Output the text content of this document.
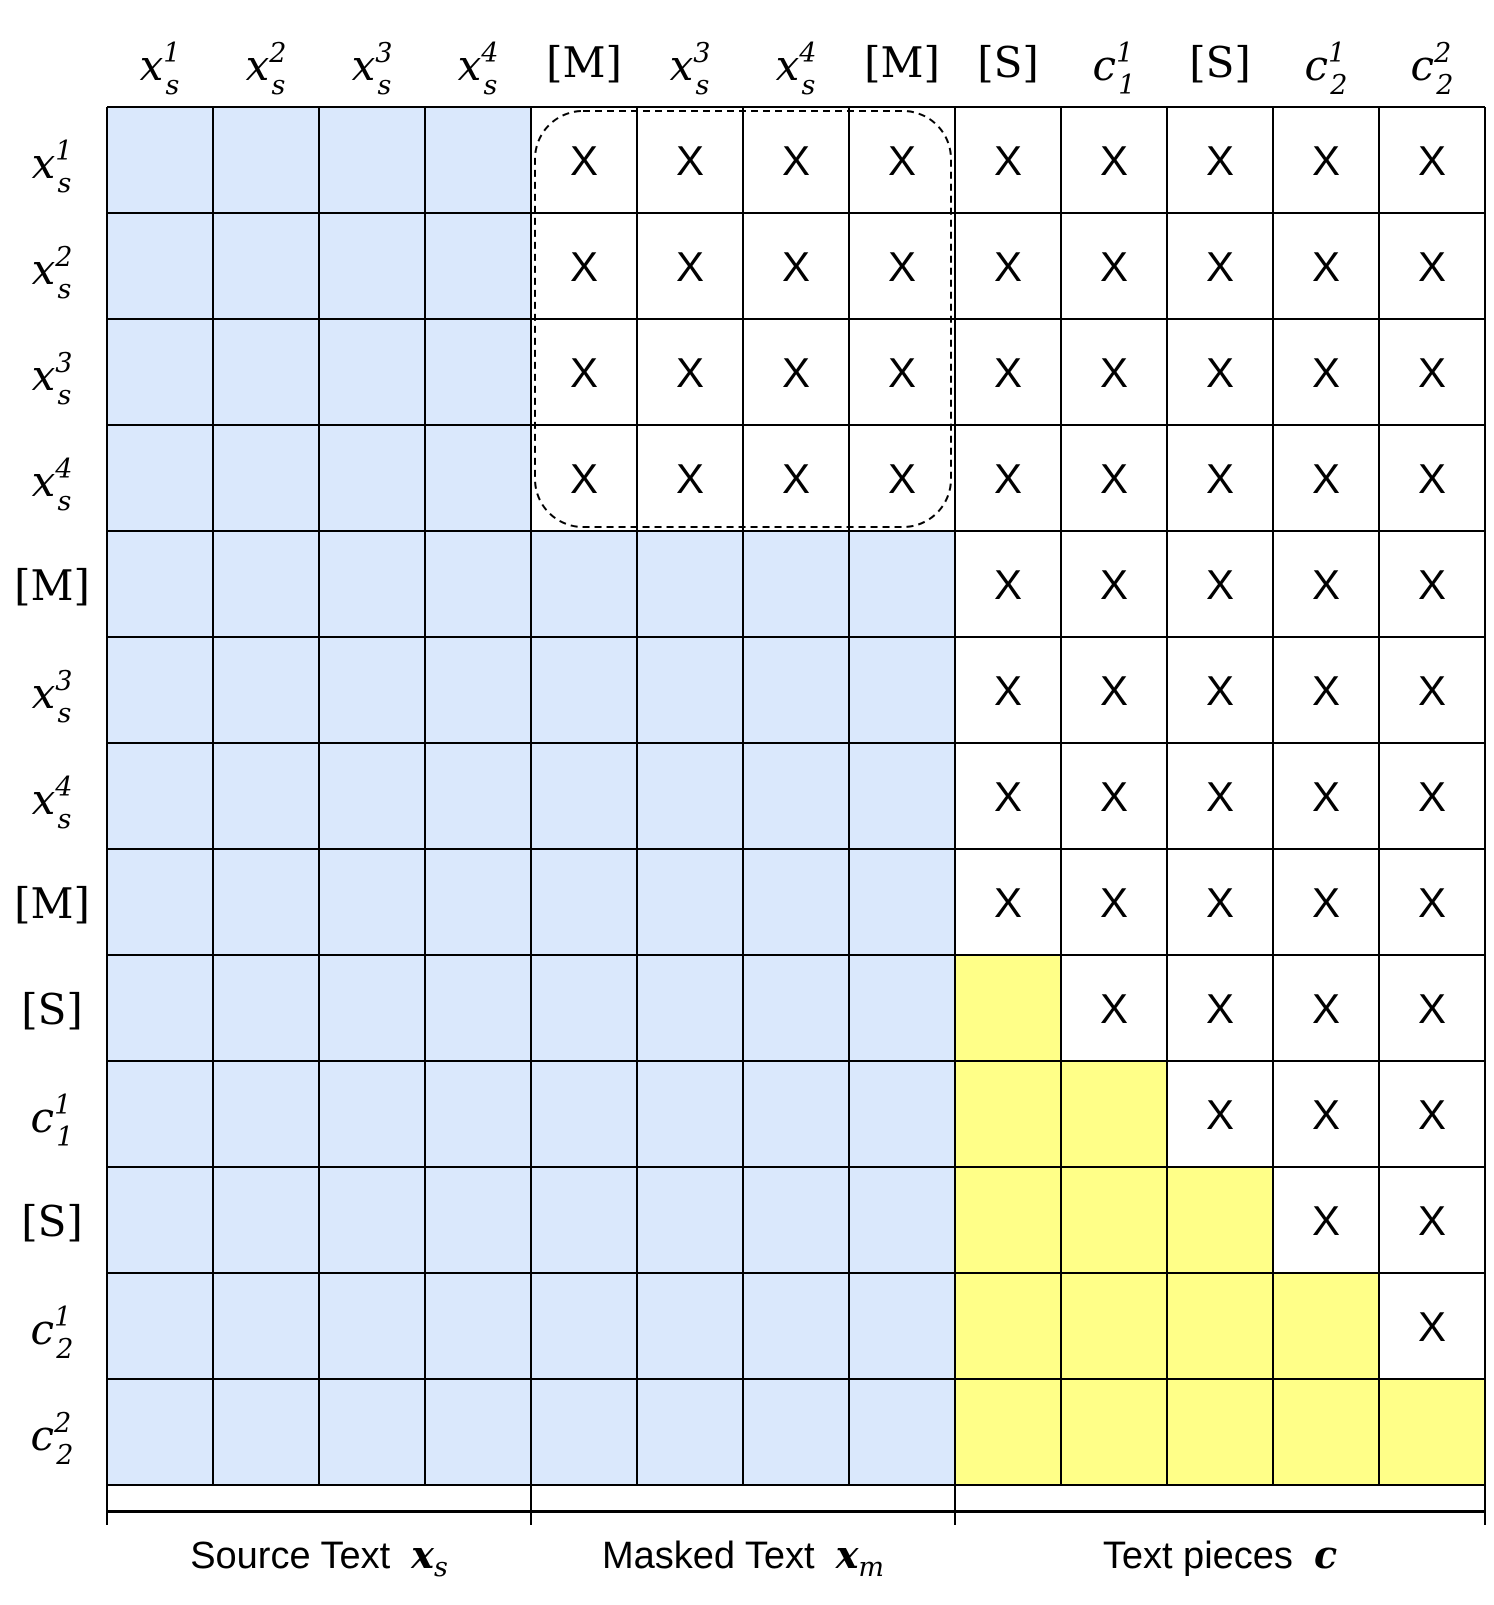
X X X X X X X X X
X X X X X X X X X
X X X X X X X X X
X X X X X X X X X
X X X X X
X X X X X
X X X X X
X X X X X
X X X X
X X X
X X
X
$x^1$ s $x^2$ s $x^3$ s $x^4$ s [M] $x^3$ s $x^4$ s [M] [S] $c^1$ 1 [S] $c^1$ 2 $c^2$ 2
$x^1$ s
$x^2$ s
$x^3$ s
$x^4$ s
[M]
$x^3$ s
$x^4$ s
[M]
[S]
$c^1$ 1
[S]
$c^1$ 2
$c^2$ 2
Source Text  $x_s$	Masked Text  $x_m$	Text pieces  c
